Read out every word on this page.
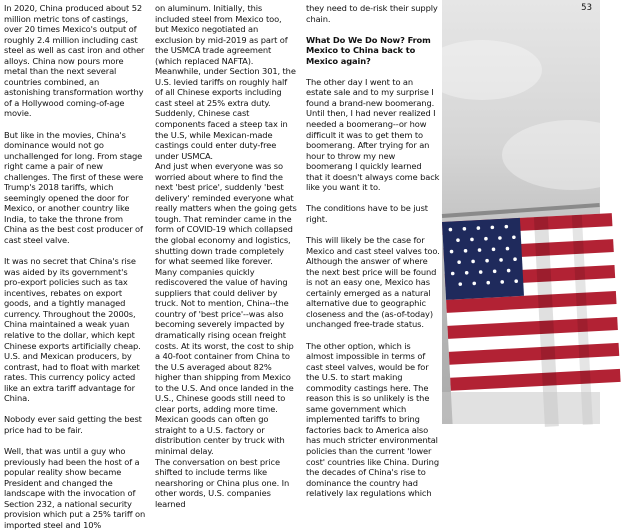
In 2020, China produced about 52 million metric tons of castings, over 20 times Mexico's output of roughly 2.4 million including cast steel as well as cast iron and other alloys. China now pours more metal than the next several countries combined, an astonishing transformation worthy of a Hollywood coming-of-age movie.

But like in the movies, China's dominance would not go unchallenged for long. From stage right came a pair of new challenges. The first of these were Trump's 2018 tariffs, which seemingly opened the door for Mexico, or another country like India, to take the throne from China as the best cost producer of cast steel valve.

It was no secret that China's rise was aided by its government's pro-export policies such as tax incentives, rebates on export goods, and a tightly managed currency. Throughout the 2000s, China maintained a weak yuan relative to the dollar, which kept Chinese exports artificially cheap. U.S. and Mexican producers, by contrast, had to float with market rates. This currency policy acted like an extra tariff advantage for China.

Nobody ever said getting the best price had to be fair.

Well, that was until a guy who previously had been the host of a popular reality show became President and changed the landscape with the invocation of Section 232, a national security provision which put a 25% tariff on imported steel and 10%

on aluminum. Initially, this included steel from Mexico too, but Mexico negotiated an exclusion by mid-2019 as part of the USMCA trade agreement (which replaced NAFTA). Meanwhile, under Section 301, the U.S. levied tariffs on roughly half of all Chinese exports including cast steel at 25% extra duty. Suddenly, Chinese cast components faced a steep tax in the U.S, while Mexican-made castings could enter duty-free under USMCA.

And just when everyone was so worried about where to find the next 'best price', suddenly 'best delivery' reminded everyone what really matters when the going gets tough. That reminder came in the form of COVID-19 which collapsed the global economy and logistics, shutting down trade completely for what seemed like forever. Many companies quickly rediscovered the value of having suppliers that could deliver by truck. Not to mention, China--the country of 'best price'--was also becoming severely impacted by dramatically rising ocean freight costs. At its worst, the cost to ship a 40-foot container from China to the U.S averaged about 82% higher than shipping from Mexico to the U.S. And once landed in the U.S., Chinese goods still need to clear ports, adding more time. Mexican goods can often go straight to a U.S. factory or distribution center by truck with minimal delay.

The conversation on best price shifted to include terms like nearshoring or China plus one. In other words, U.S. companies learned

they need to de-risk their supply chain.

What Do We Do Now? From Mexico to China back to Mexico again?

The other day I went to an estate sale and to my surprise I found a brand-new boomerang. Until then, I had never realized I needed a boomerang--or how difficult it was to get them to boomerang. After trying for an hour to throw my new boomerang I quickly learned that it doesn't always come back like you want it to.

The conditions have to be just right.

This will likely be the case for Mexico and cast steel valves too. Although the answer of where the next best price will be found is not an easy one, Mexico has certainly emerged as a natural alternative due to geographic closeness and the (as-of-today) unchanged free-trade status.

The other option, which is almost impossible in terms of cast steel valves, would be for the U.S. to start making commodity castings here. The reason this is so unlikely is the same government which implemented tariffs to bring factories back to America also has much stricter environmental policies than the current 'lower cost' countries like China. During the decades of China's rise to dominance the country had relatively lax regulations which

53
